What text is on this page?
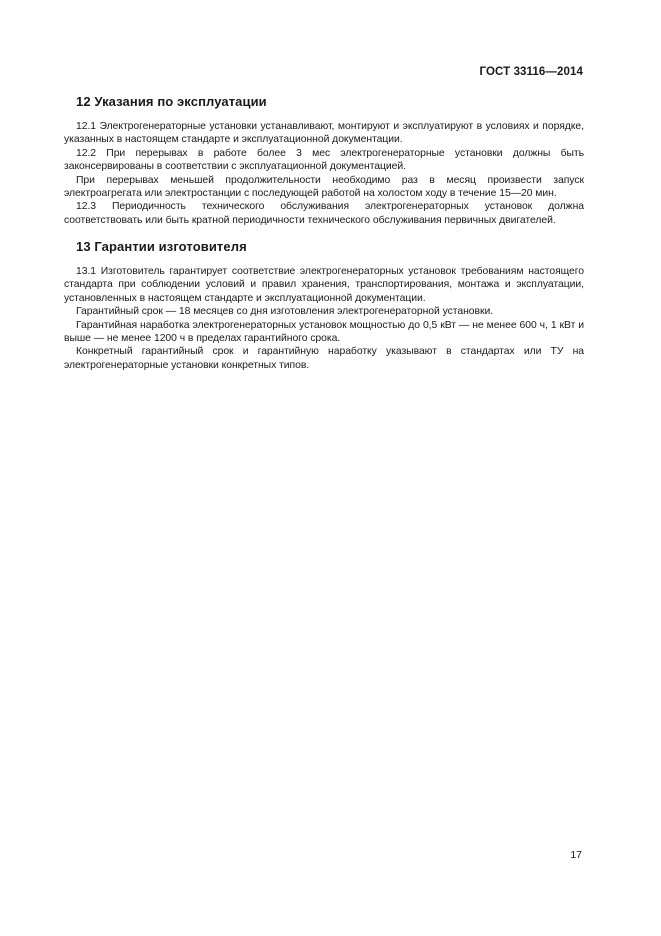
ГОСТ 33116—2014
12 Указания по эксплуатации

12.1 Электрогенераторные установки устанавливают, монтируют и эксплуатируют в условиях и порядке, указанных в настоящем стандарте и эксплуатационной документации.

12.2 При перерывах в работе более 3 мес электрогенераторные установки должны быть законсервированы в соответствии с эксплуатационной документацией.

При перерывах меньшей продолжительности необходимо раз в месяц произвести запуск электроагрегата или электростанции с последующей работой на холостом ходу в течение 15—20 мин.

12.3 Периодичность технического обслуживания электрогенераторных установок должна соответствовать или быть кратной периодичности технического обслуживания первичных двигателей.

13 Гарантии изготовителя

13.1 Изготовитель гарантирует соответствие электрогенераторных установок требованиям настоящего стандарта при соблюдении условий и правил хранения, транспортирования, монтажа и эксплуатации, установленных в настоящем стандарте и эксплуатационной документации.

Гарантийный срок — 18 месяцев со дня изготовления электрогенераторной установки.

Гарантийная наработка электрогенераторных установок мощностью до 0,5 кВт — не менее 600 ч, 1 кВт и выше — не менее 1200 ч в пределах гарантийного срока.

Конкретный гарантийный срок и гарантийную наработку указывают в стандартах или ТУ на электрогенераторные установки конкретных типов.

17
